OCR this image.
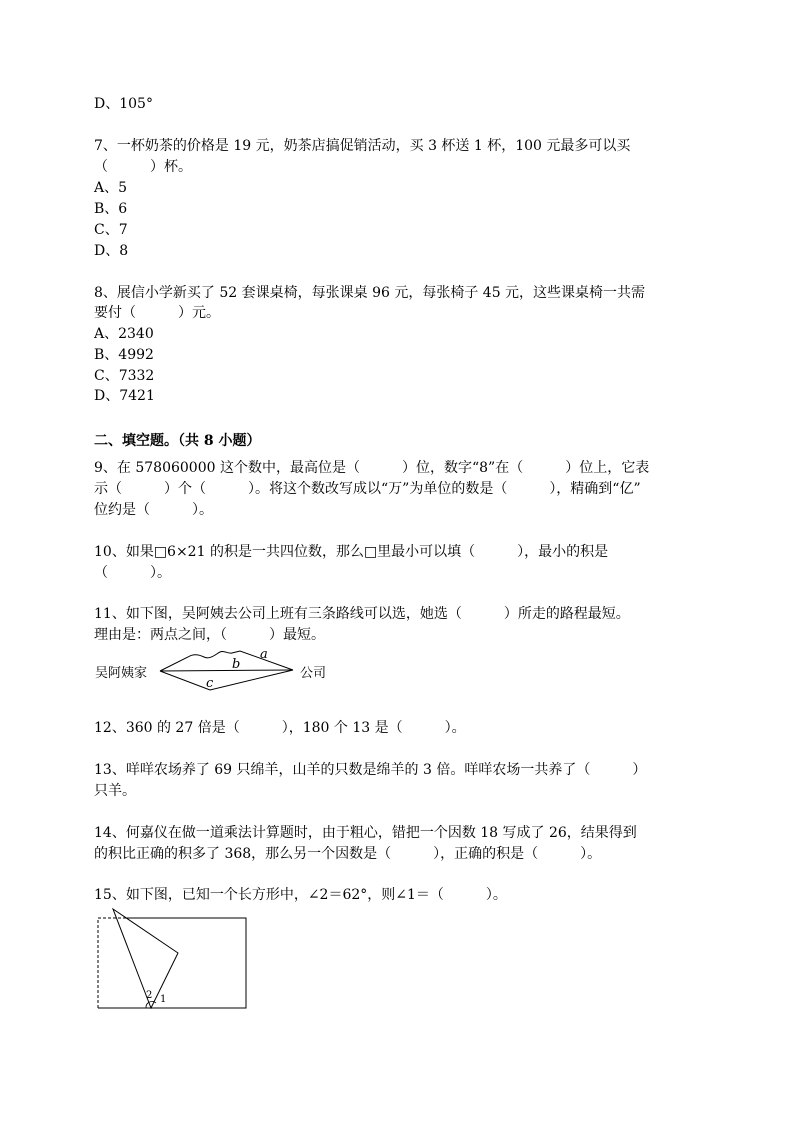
D、105°
7、一杯奶茶的价格是 19 元，奶茶店搞促销活动，买 3 杯送 1 杯，100 元最多可以买
（　　　）杯。
A、5
B、6
C、7
D、8
8、展信小学新买了 52 套课桌椅，每张课桌 96 元，每张椅子 45 元，这些课桌椅一共需
要付（　　　）元。
A、2340
B、4992
C、7332
D、7421
二、填空题。（共 8 小题）
9、在 578060000 这个数中，最高位是（　　　）位，数字“8”在（　　　）位上，它表
示（　　　）个（　　　）。将这个数改写成以“万”为单位的数是（　　　），精确到“亿”
位约是（　　　）。
10、如果□6×21 的积是一共四位数，那么□里最小可以填（　　　），最小的积是
（　　　）。
11、如下图，吴阿姨去公司上班有三条路线可以选，她选（　　　）所走的路程最短。
理由是：两点之间，（　　　）最短。
吴阿姨家	公司
a
b
c
12、360 的 27 倍是（　　　），180 个 13 是（　　　）。
13、咩咩农场养了 69 只绵羊，山羊的只数是绵羊的 3 倍。咩咩农场一共养了（　　　）
只羊。
14、何嘉仪在做一道乘法计算题时，由于粗心，错把一个因数 18 写成了 26，结果得到
的积比正确的积多了 368，那么另一个因数是（　　　），正确的积是（　　　）。
15、如下图，已知一个长方形中，∠2＝62°，则∠1＝（　　　）。
2 1
